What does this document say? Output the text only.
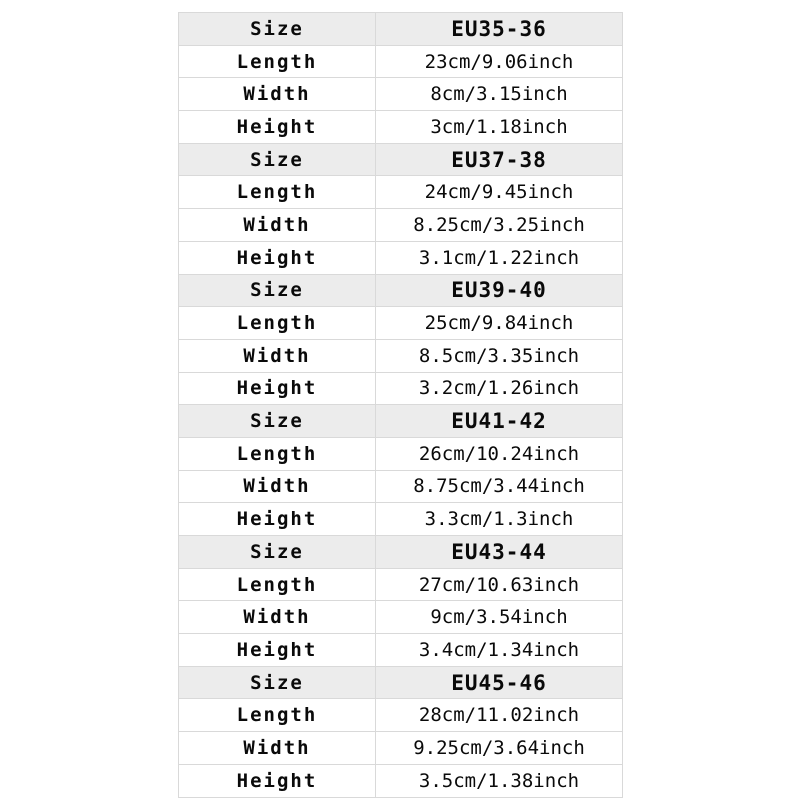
Size	EU35-36
Length	23cm/9.06inch
Width	8cm/3.15inch
Height	3cm/1.18inch
Size	EU37-38
Length	24cm/9.45inch
Width	8.25cm/3.25inch
Height	3.1cm/1.22inch
Size	EU39-40
Length	25cm/9.84inch
Width	8.5cm/3.35inch
Height	3.2cm/1.26inch
Size	EU41-42
Length	26cm/10.24inch
Width	8.75cm/3.44inch
Height	3.3cm/1.3inch
Size	EU43-44
Length	27cm/10.63inch
Width	9cm/3.54inch
Height	3.4cm/1.34inch
Size	EU45-46
Length	28cm/11.02inch
Width	9.25cm/3.64inch
Height	3.5cm/1.38inch
